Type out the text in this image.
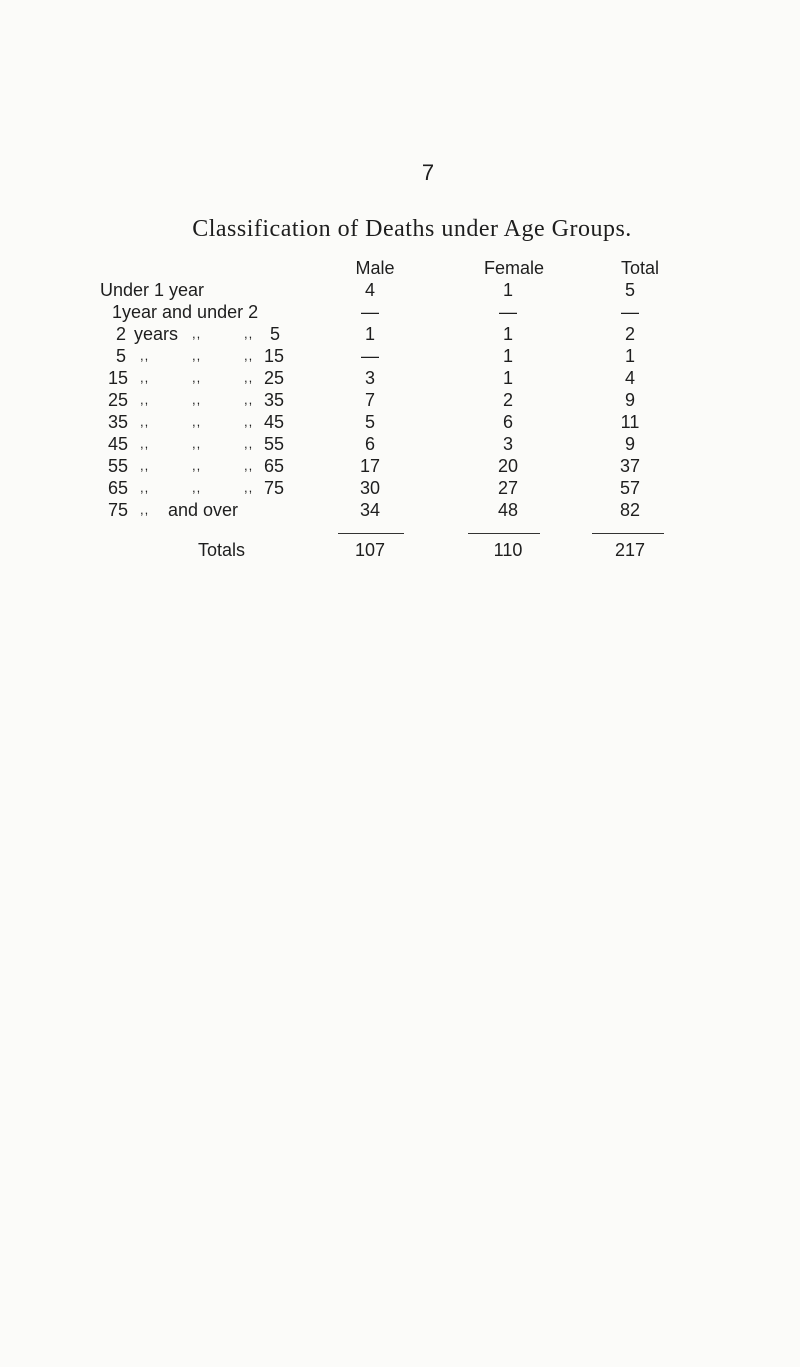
7
Classification of Deaths under Age Groups.
Male	Female	Total
Under 1 year	4	1	5
1year and under 2	—	—	—
2 years ,,	,, 5	1	1	2
5 ,,	,,	,, 15	—	1	1
15 ,,	,,	,, 25	3	1	4
25 ,,	,,	,, 35	7	2	9
35 ,,	,,	,, 45	5	6	11
45 ,,	,,	,, 55	6	3	9
55 ,,	,,	,, 65	17	20	37
65 ,,	,,	,, 75	30	27	57
75 ,, and over	34	48	82
Totals	107	110	217
